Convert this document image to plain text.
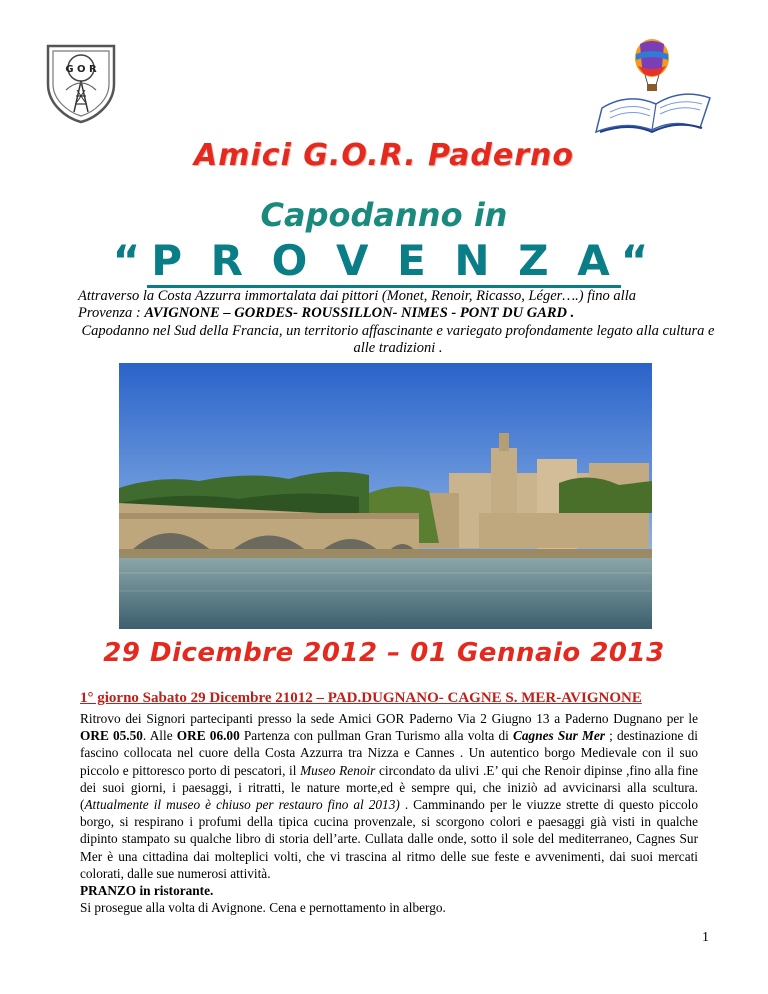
G O R
Amici G.O.R. Paderno
Capodanno in
“P R O V E N Z A“
Attraverso la Costa Azzurra immortalata dai pittori (Monet, Renoir, Ricasso, Léger….) fino alla
Provenza : AVIGNONE – GORDES- ROUSSILLON- NIMES - PONT DU GARD .
Capodanno nel Sud della Francia, un territorio affascinante e variegato profondamente legato alla cultura e alle tradizioni .
29 Dicembre 2012 – 01 Gennaio 2013
1° giorno Sabato 29 Dicembre 21012 – PAD.DUGNANO- CAGNE S. MER-AVIGNONE

Ritrovo dei Signori partecipanti presso la sede Amici GOR Paderno Via 2 Giugno 13 a Paderno Dugnano per le ORE 05.50. Alle ORE 06.00 Partenza con pullman Gran Turismo alla volta di Cagnes Sur Mer ; destinazione di fascino collocata nel cuore della Costa Azzurra tra Nizza e Cannes . Un autentico borgo Medievale con il suo piccolo e pittoresco porto di pescatori, il Museo Renoir circondato da ulivi .E’ qui che Renoir dipinse ,fino alla fine dei suoi giorni, i paesaggi, i ritratti, le nature morte,ed è sempre qui, che iniziò ad avvicinarsi alla scultura. (Attualmente il museo è chiuso per restauro fino al 2013) . Camminando per le viuzze strette di questo piccolo borgo, si respirano i profumi della tipica cucina provenzale, si scorgono colori e paesaggi già visti in qualche dipinto stampato su qualche libro di storia dell’arte. Cullata dalle onde, sotto il sole del mediterraneo, Cagnes Sur Mer è una cittadina dai molteplici volti, che vi trascina al ritmo delle sue feste e avvenimenti, dai suoi mercati colorati, dalle sue numerosi attività.

PRANZO in ristorante.

Si prosegue alla volta di Avignone. Cena e pernottamento in albergo.

1
